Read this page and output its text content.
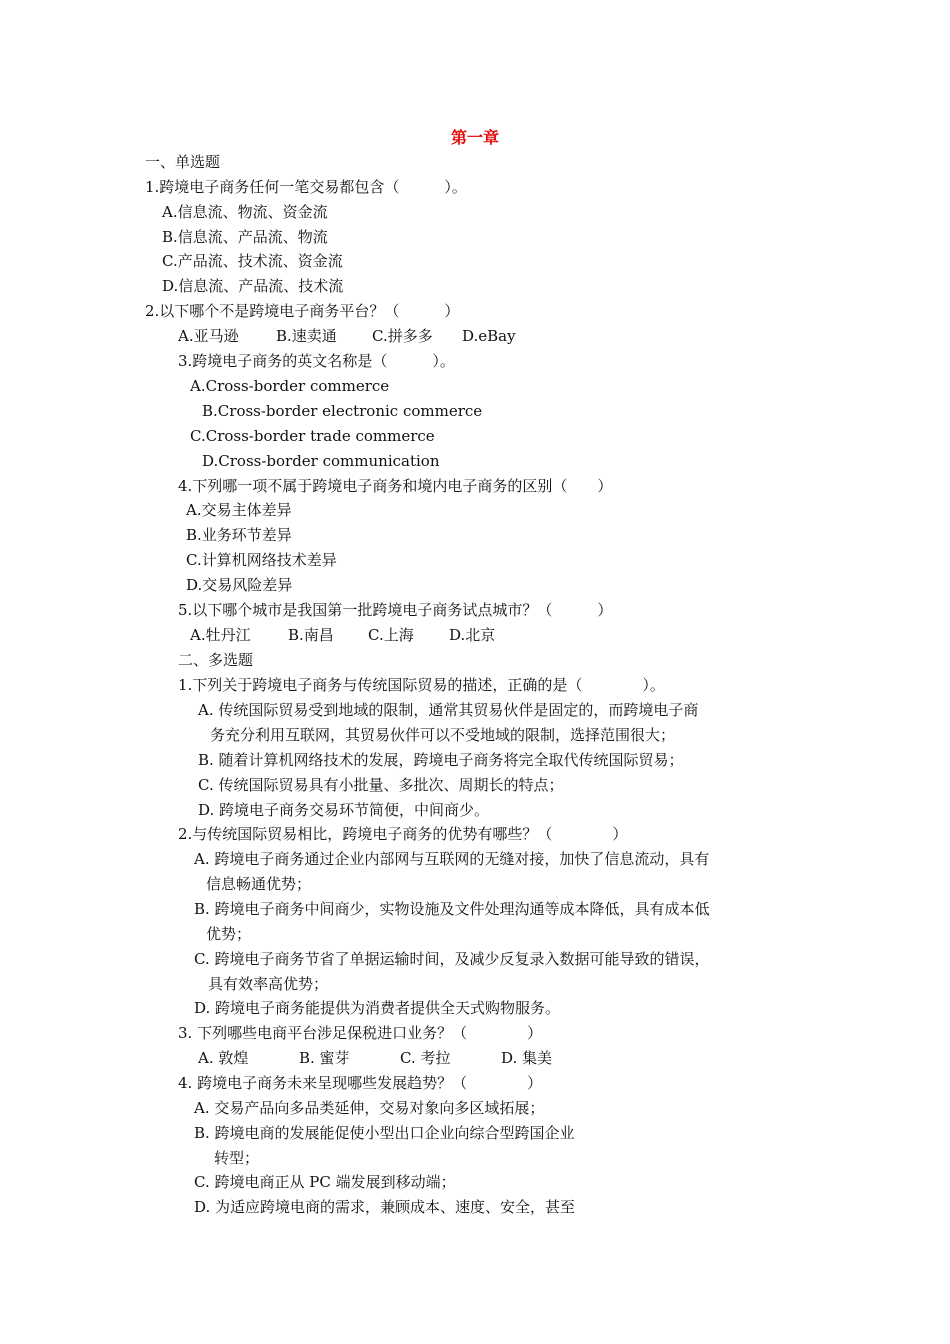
第一章
一、单选题
1.跨境电子商务任何一笔交易都包含（　　　）。
A.信息流、物流、资金流
B.信息流、产品流、物流
C.产品流、技术流、资金流
D.信息流、产品流、技术流
2.以下哪个不是跨境电子商务平台？（　　　）
A.亚马逊 B.速卖通 C.拼多多 D.eBay
3.跨境电子商务的英文名称是（　　　）。
A.Cross-border commerce
B.Cross-border electronic commerce
C.Cross-border trade commerce
D.Cross-border communication
4.下列哪一项不属于跨境电子商务和境内电子商务的区别（　　）
A.交易主体差异
B.业务环节差异
C.计算机网络技术差异
D.交易风险差异
5.以下哪个城市是我国第一批跨境电子商务试点城市？（　　　）
A.牡丹江 B.南昌 C.上海 D.北京
二、多选题
1.下列关于跨境电子商务与传统国际贸易的描述，正确的是（　　　　）。
A. 传统国际贸易受到地域的限制，通常其贸易伙伴是固定的，而跨境电子商
务充分利用互联网，其贸易伙伴可以不受地域的限制，选择范围很大；
B. 随着计算机网络技术的发展，跨境电子商务将完全取代传统国际贸易；
C. 传统国际贸易具有小批量、多批次、周期长的特点；
D. 跨境电子商务交易环节简便，中间商少。
2.与传统国际贸易相比，跨境电子商务的优势有哪些？（　　　　）
A. 跨境电子商务通过企业内部网与互联网的无缝对接，加快了信息流动，具有
信息畅通优势；
B. 跨境电子商务中间商少，实物设施及文件处理沟通等成本降低，具有成本低
优势；
C. 跨境电子商务节省了单据运输时间，及减少反复录入数据可能导致的错误，
具有效率高优势；
D. 跨境电子商务能提供为消费者提供全天式购物服务。
3. 下列哪些电商平台涉足保税进口业务？（　　　　）
A. 敦煌	B. 蜜芽	C. 考拉	D. 集美
4. 跨境电子商务未来呈现哪些发展趋势？（　　　　）
A. 交易产品向多品类延伸，交易对象向多区域拓展；
B. 跨境电商的发展能促使小型出口企业向综合型跨国企业
转型；
C. 跨境电商正从 PC 端发展到移动端；
D. 为适应跨境电商的需求，兼顾成本、速度、安全，甚至
